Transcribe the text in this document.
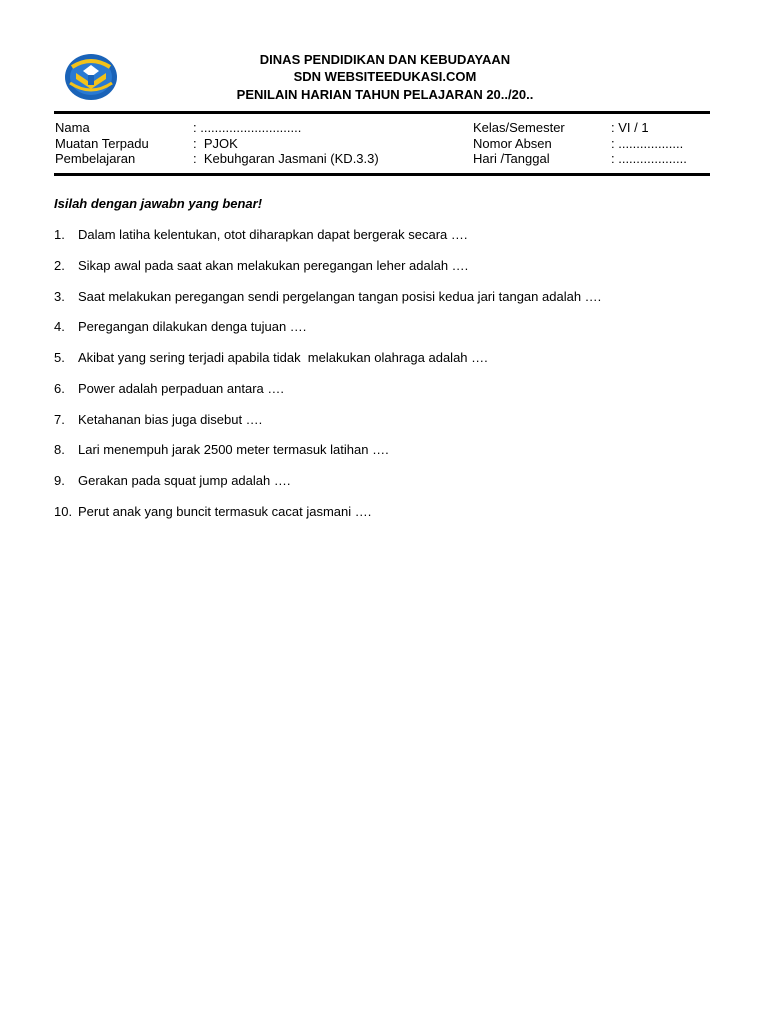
DINAS PENDIDIKAN DAN KEBUDAYAAN
SDN WEBSITEEDUKASI.COM
PENILAIN HARIAN TAHUN PELAJARAN 20../20..
Nama
Muatan Terpadu
Pembelajaran
: ............................
:  PJOK
:  Kebuhgaran Jasmani (KD.3.3)
Kelas/Semester
Nomor Absen
Hari /Tanggal
: VI / 1
: ..................
: ...................
Isilah dengan jawabn yang benar!
1. Dalam latiha kelentukan, otot diharapkan dapat bergerak secara ….
2. Sikap awal pada saat akan melakukan peregangan leher adalah ….
3. Saat melakukan peregangan sendi pergelangan tangan posisi kedua jari tangan adalah ….
4. Peregangan dilakukan denga tujuan ….
5. Akibat yang sering terjadi apabila tidak  melakukan olahraga adalah ….
6. Power adalah perpaduan antara ….
7. Ketahanan bias juga disebut ….
8. Lari menempuh jarak 2500 meter termasuk latihan ….
9. Gerakan pada squat jump adalah ….
10. Perut anak yang buncit termasuk cacat jasmani ….
